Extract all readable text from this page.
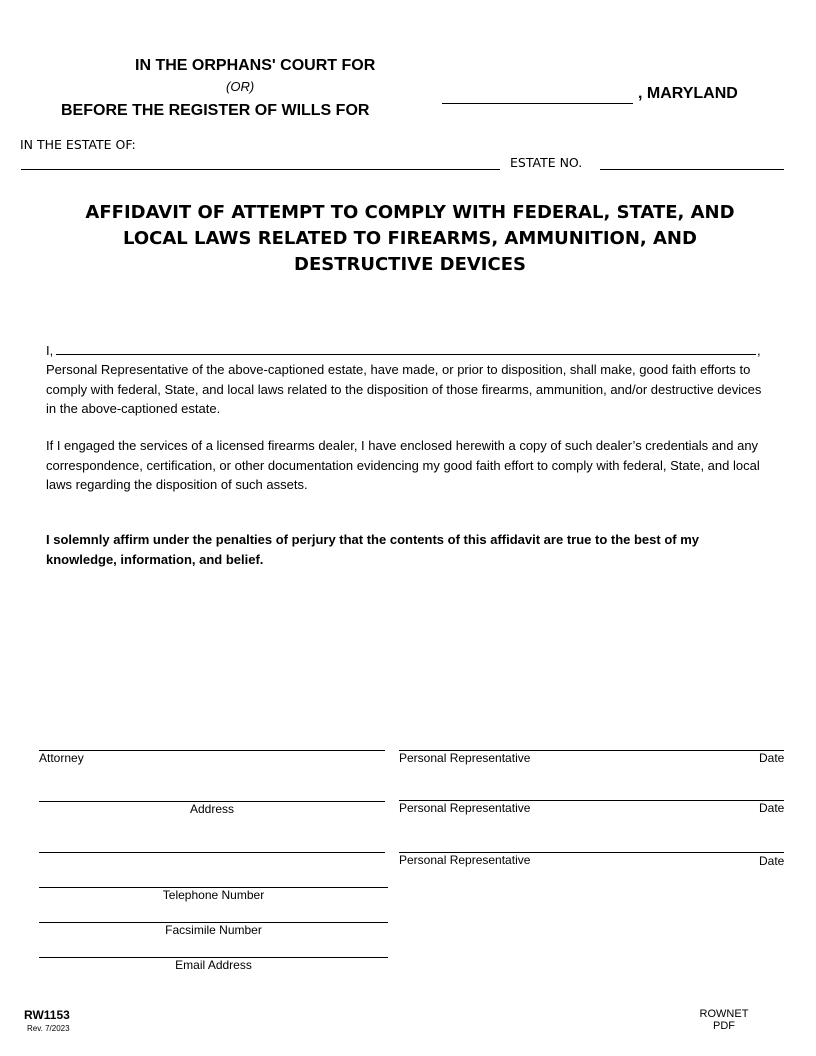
IN THE ORPHANS' COURT FOR
(OR)
BEFORE THE REGISTER OF WILLS FOR
, MARYLAND
IN THE ESTATE OF:
ESTATE NO.
AFFIDAVIT OF ATTEMPT TO COMPLY WITH FEDERAL, STATE, AND
LOCAL LAWS RELATED TO FIREARMS, AMMUNITION, AND
DESTRUCTIVE DEVICES
I,	,
Personal Representative of the above-captioned estate, have made, or prior to disposition, shall make, good faith efforts to comply with federal, State, and local laws related to the disposition of those firearms, ammunition, and/or destructive devices in the above-captioned estate.
If I engaged the services of a licensed firearms dealer, I have enclosed herewith a copy of such dealer’s credentials and any correspondence, certification, or other documentation evidencing my good faith effort to comply with federal, State, and local laws regarding the disposition of such assets.
I solemnly affirm under the penalties of perjury that the contents of this affidavit are true to the best of my knowledge, information, and belief.
Attorney
Address
Telephone Number
Facsimile Number
Email Address
Personal Representative	Date
Personal Representative	Date
Personal Representative	Date
RW1153
Rev. 7/2023
ROWNET
PDF
